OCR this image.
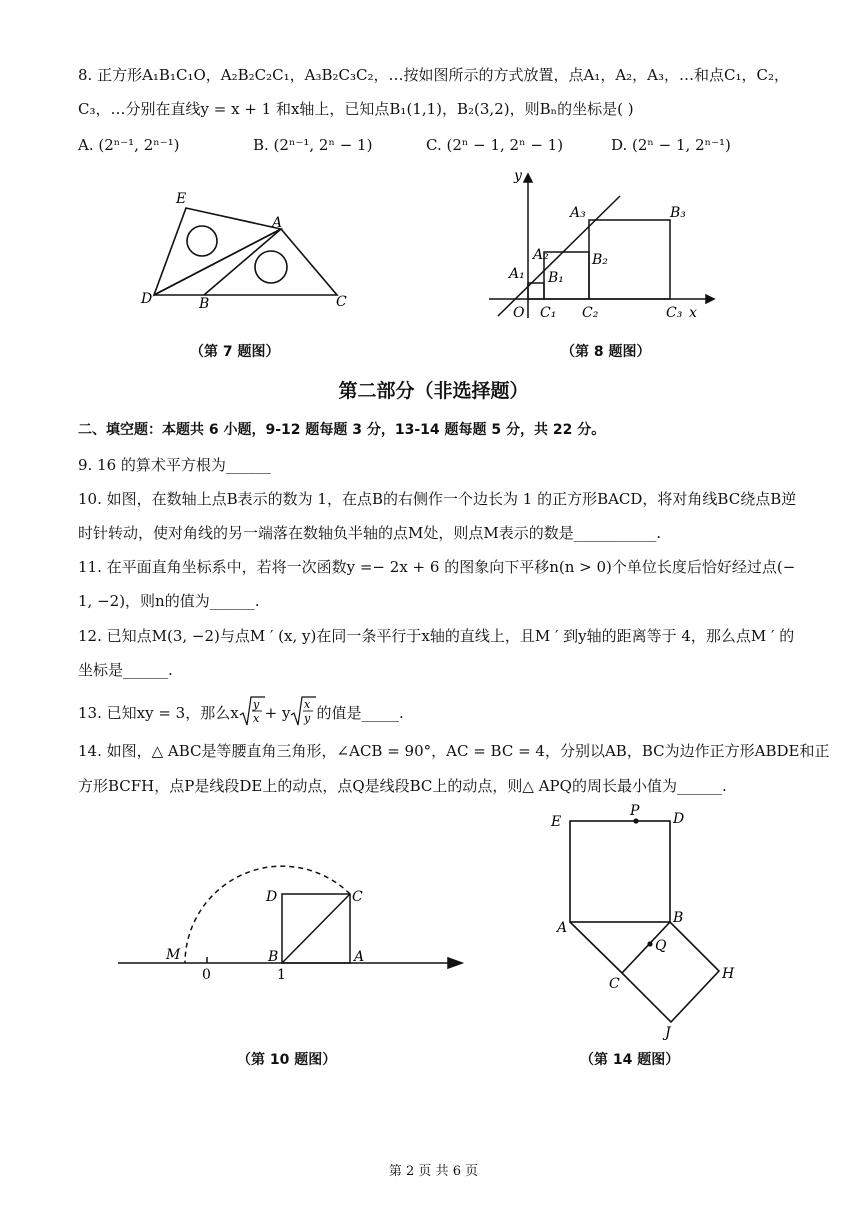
8. 正方形A₁B₁C₁O，A₂B₂C₂C₁，A₃B₂C₃C₂，…按如图所示的方式放置，点A₁，A₂，A₃，…和点C₁，C₂，
C₃，…分别在直线y = x + 1 和x轴上，已知点B₁(1,1)，B₂(3,2)，则Bₙ的坐标是( )
A. (2ⁿ⁻¹, 2ⁿ⁻¹)	B. (2ⁿ⁻¹, 2ⁿ − 1)	C. (2ⁿ − 1, 2ⁿ − 1)	D. (2ⁿ − 1, 2ⁿ⁻¹)
E
A
D	B	C
（第 7 题图）
y
x
O
A₁
A₂
A₃
B₁
B₂
B₃
C₁ C₂	C₃
（第 8 题图）
第二部分（非选择题）
二、填空题：本题共 6 小题，9-12 题每题 3 分，13-14 题每题 5 分，共 22 分。
9. 16 的算术平方根为______
10. 如图，在数轴上点B表示的数为 1，在点B的右侧作一个边长为 1 的正方形BACD，将对角线BC绕点B逆
时针转动，使对角线的另一端落在数轴负半轴的点M处，则点M表示的数是___________.
11. 在平面直角坐标系中，若将一次函数y =− 2x + 6 的图象向下平移n(n > 0)个单位长度后恰好经过点(−
1, −2)，则n的值为______.
12. 已知点M(3, −2)与点M ′ (x, y)在同一条平行于x轴的直线上，且M ′ 到y轴的距离等于 4，那么点M ′ 的
坐标是______.
13. 已知xy = 3，那么x y
x + y x
y 的值是_____.
14. 如图，△ ABC是等腰直角三角形，∠ACB = 90°，AC = BC = 4，分别以AB，BC为边作正方形ABDE和正
方形BCFH，点P是线段DE上的动点，点Q是线段BC上的动点，则△ APQ的周长最小值为______.
D	C
M
0
B
1
A
（第 10 题图）
P
E	D
A
B
Q
C
H
J
（第 14 题图）
第 2 页 共 6 页
